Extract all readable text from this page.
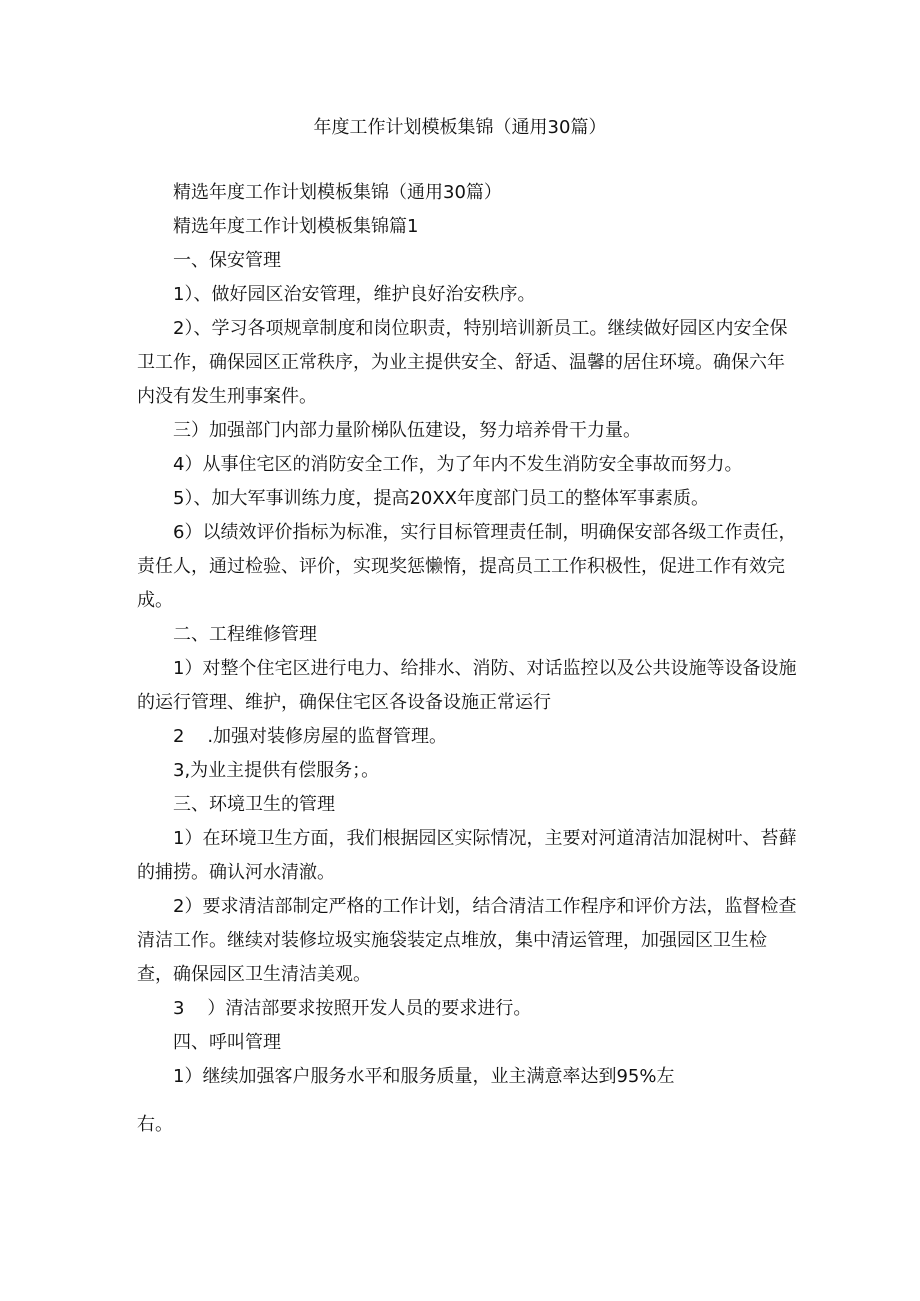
年度工作计划模板集锦（通用30篇）

精选年度工作计划模板集锦（通用30篇）

精选年度工作计划模板集锦篇1

一、保安管理

1）、做好园区治安管理，维护良好治安秩序。

2）、学习各项规章制度和岗位职责，特别培训新员工。继续做好园区内安全保卫工作，确保园区正常秩序，为业主提供安全、舒适、温馨的居住环境。确保六年内没有发生刑事案件。

三）加强部门内部力量阶梯队伍建设，努力培养骨干力量。

4）从事住宅区的消防安全工作，为了年内不发生消防安全事故而努力。

5）、加大军事训练力度，提高20XX年度部门员工的整体军事素质。

6）以绩效评价指标为标准，实行目标管理责任制，明确保安部各级工作责任，责任人，通过检验、评价，实现奖惩懒惰，提高员工工作积极性，促进工作有效完成。

二、工程维修管理

1）对整个住宅区进行电力、给排水、消防、对话监控以及公共设施等设备设施的运行管理、维护，确保住宅区各设备设施正常运行

2    .加强对装修房屋的监督管理。

3,为业主提供有偿服务；。

三、环境卫生的管理

1）在环境卫生方面，我们根据园区实际情况，主要对河道清洁加混树叶、苔藓的捕捞。确认河水清澈。

2）要求清洁部制定严格的工作计划，结合清洁工作程序和评价方法，监督检查清洁工作。继续对装修垃圾实施袋装定点堆放，集中清运管理，加强园区卫生检查，确保园区卫生清洁美观。

3    ）清洁部要求按照开发人员的要求进行。

四、呼叫管理

1）继续加强客户服务水平和服务质量，业主满意率达到95%左

右。
